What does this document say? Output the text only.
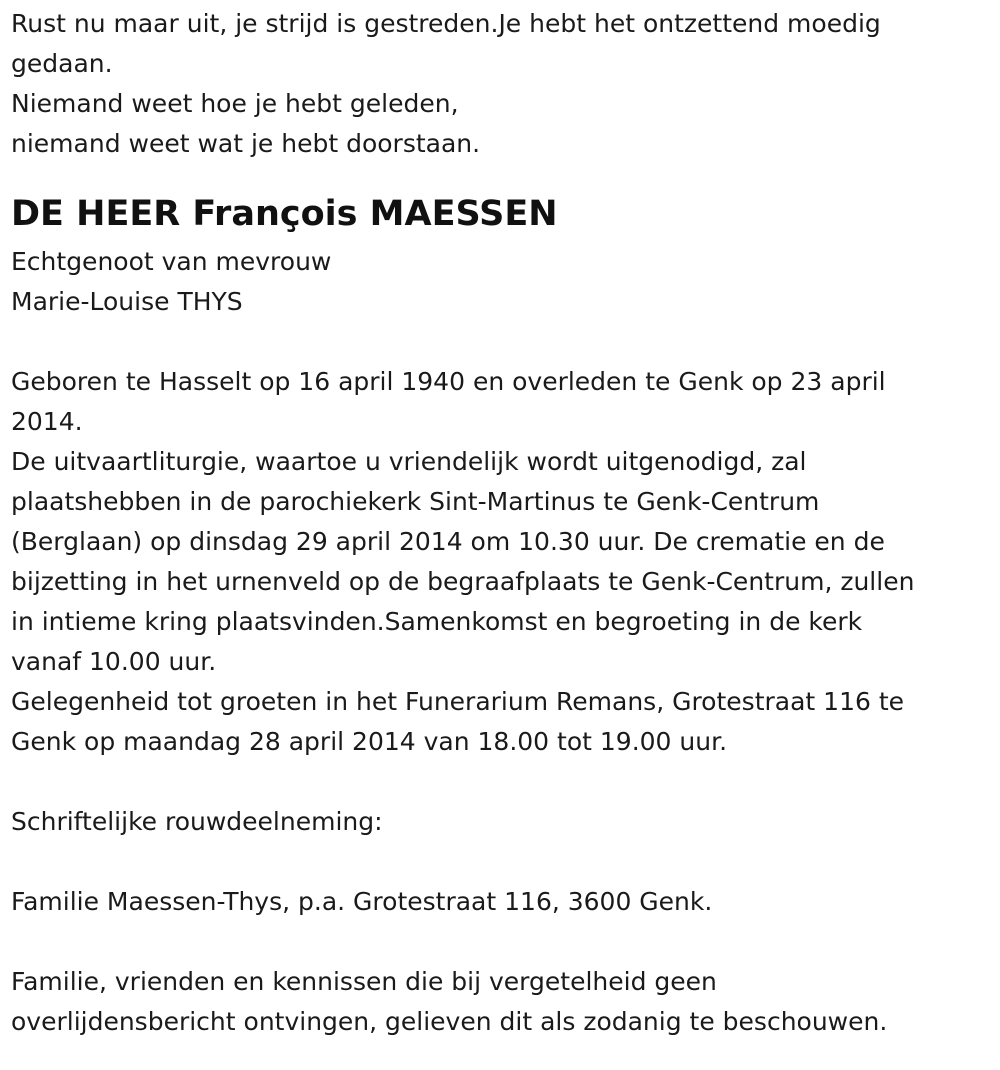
Rust nu maar uit, je strijd is gestreden.Je hebt het ontzettend moedig
gedaan.
Niemand weet hoe je hebt geleden,
niemand weet wat je hebt doorstaan.
DE HEER François MAESSEN
Echtgenoot van mevrouw
Marie-Louise THYS
Geboren te Hasselt op 16 april 1940 en overleden te Genk op 23 april
2014.
De uitvaartliturgie, waartoe u vriendelijk wordt uitgenodigd, zal
plaatshebben in de parochiekerk Sint-Martinus te Genk-Centrum
(Berglaan) op dinsdag 29 april 2014 om 10.30 uur. De crematie en de
bijzetting in het urnenveld op de begraafplaats te Genk-Centrum, zullen
in intieme kring plaatsvinden.Samenkomst en begroeting in de kerk
vanaf 10.00 uur.
Gelegenheid tot groeten in het Funerarium Remans, Grotestraat 116 te
Genk op maandag 28 april 2014 van 18.00 tot 19.00 uur.
Schriftelijke rouwdeelneming:
Familie Maessen-Thys, p.a. Grotestraat 116, 3600 Genk.
Familie, vrienden en kennissen die bij vergetelheid geen
overlijdensbericht ontvingen, gelieven dit als zodanig te beschouwen.
